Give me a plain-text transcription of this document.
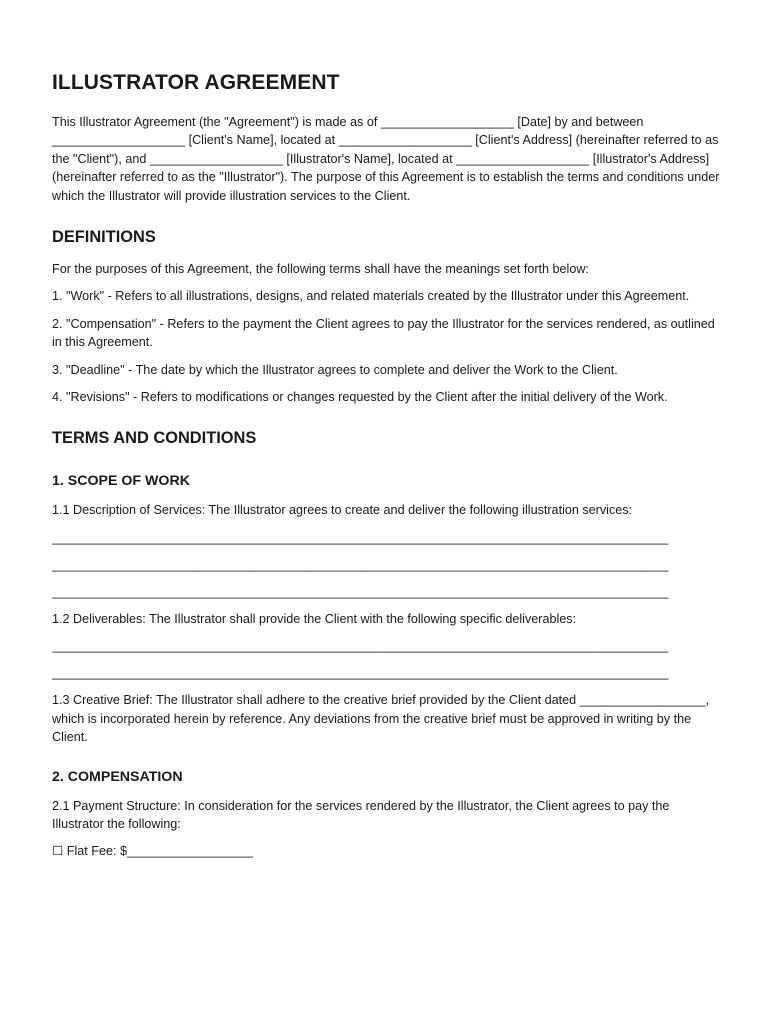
ILLUSTRATOR AGREEMENT

This Illustrator Agreement (the "Agreement") is made as of ___________________ [Date] by and between ___________________ [Client's Name], located at ___________________ [Client's Address] (hereinafter referred to as the "Client"), and ___________________ [Illustrator's Name], located at ___________________ [Illustrator's Address] (hereinafter referred to as the "Illustrator"). The purpose of this Agreement is to establish the terms and conditions under which the Illustrator will provide illustration services to the Client.

DEFINITIONS

For the purposes of this Agreement, the following terms shall have the meanings set forth below:

1. "Work" - Refers to all illustrations, designs, and related materials created by the Illustrator under this Agreement.

2. "Compensation" - Refers to the payment the Client agrees to pay the Illustrator for the services rendered, as outlined in this Agreement.

3. "Deadline" - The date by which the Illustrator agrees to complete and deliver the Work to the Client.

4. "Revisions" - Refers to modifications or changes requested by the Client after the initial delivery of the Work.

TERMS AND CONDITIONS
1. SCOPE OF WORK

1.1 Description of Services: The Illustrator agrees to create and deliver the following illustration services:

________________________________________________________________________________________

________________________________________________________________________________________

________________________________________________________________________________________

1.2 Deliverables: The Illustrator shall provide the Client with the following specific deliverables:

________________________________________________________________________________________

________________________________________________________________________________________

1.3 Creative Brief: The Illustrator shall adhere to the creative brief provided by the Client dated __________________, which is incorporated herein by reference. Any deviations from the creative brief must be approved in writing by the Client.

2. COMPENSATION

2.1 Payment Structure: In consideration for the services rendered by the Illustrator, the Client agrees to pay the Illustrator the following:

☐ Flat Fee: $__________________
